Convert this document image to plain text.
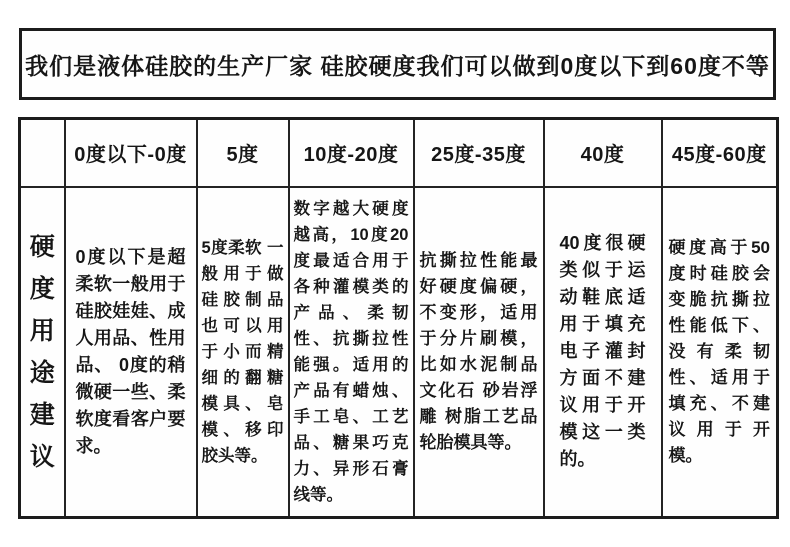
我们是液体硅胶的生产厂家 硅胶硬度我们可以做到0度以下到60度不等
	0度以下-0度	5度	10度-20度	25度-35度	40度	45度-60度
硬度用途建议	0度以下是超柔软一般用于硅胶娃娃、成人用品、性用品、 0度的稍微硬一些、柔软度看客户要求。	5度柔软 一般用于做硅胶制品也可以用于小而精细的翻糖模具、皂模、移印胶头等。	数字越大硬度越高，10度20度最适合用于各种灌模类的产品、柔韧性、抗撕拉性能强。适用的产品有蜡烛、手工皂、工艺品、糖果巧克力、异形石膏线等。	抗撕拉性能最好硬度偏硬，不变形，适用于分片刷模，比如水泥制品 文化石 砂岩浮雕 树脂工艺品轮胎模具等。	40度很硬类似于运动鞋底适用于填充电子灌封方面不建议用于开模这一类的。	硬度高于50度时硅胶会变脆抗撕拉性能低下、没有柔韧性、适用于填充、不建议用于开模。
